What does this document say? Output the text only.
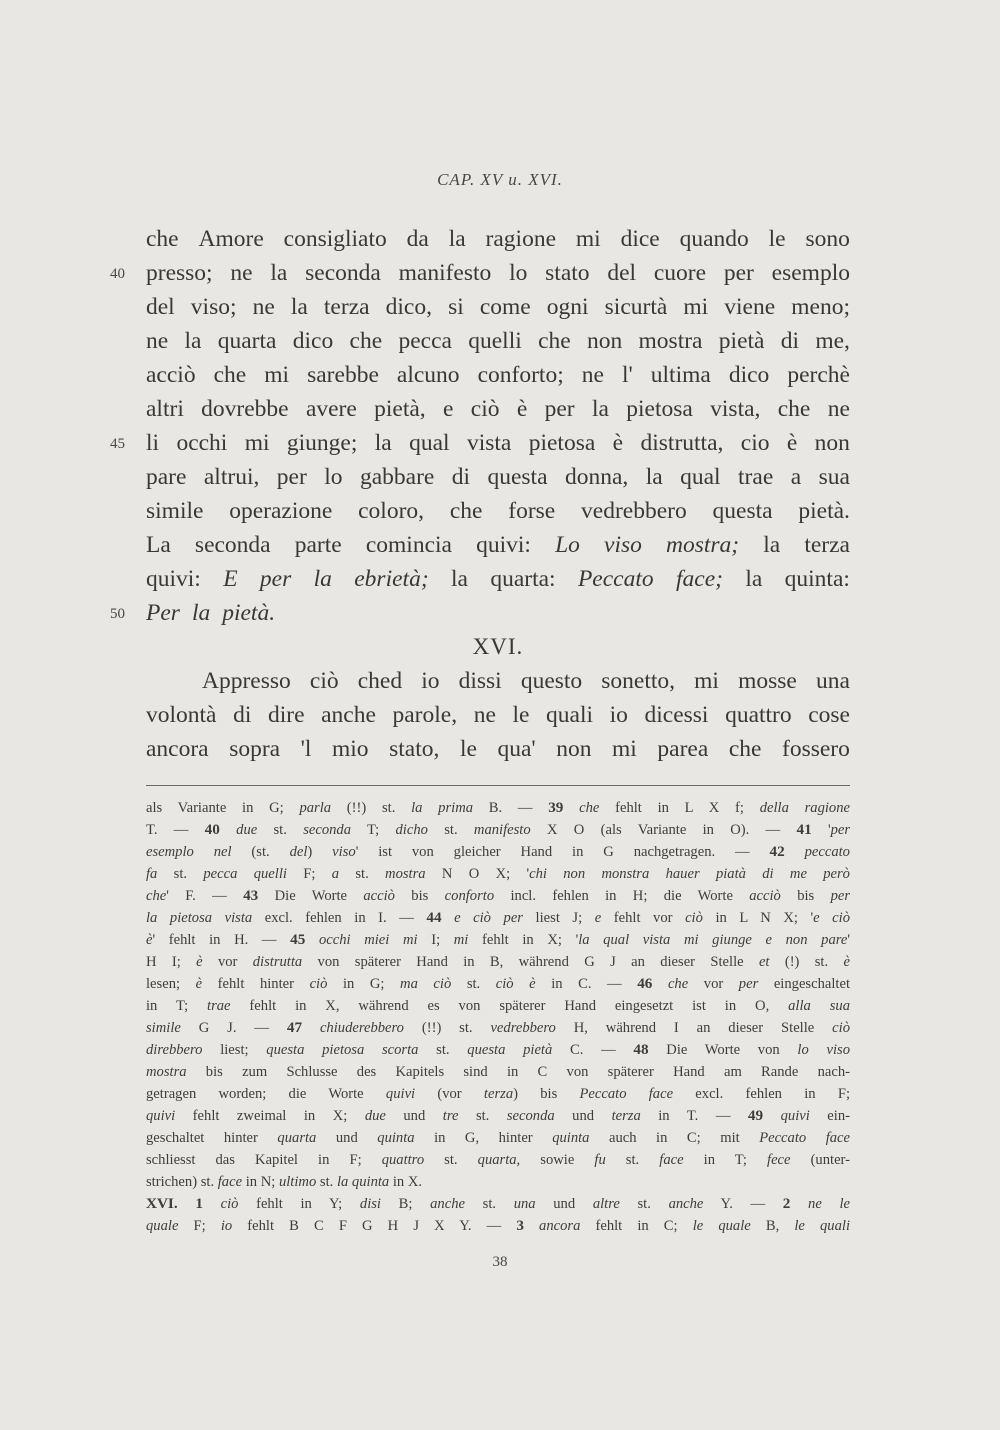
CAP. XV u. XVI.
che Amore consigliato da la ragione mi dice quando le sono
40 presso; ne la seconda manifesto lo stato del cuore per esemplo
del viso; ne la terza dico, si come ogni sicurtà mi viene meno;
ne la quarta dico che pecca quelli che non mostra pietà di me,
acciò che mi sarebbe alcuno conforto; ne l' ultima dico perchè
altri dovrebbe avere pietà, e ciò è per la pietosa vista, che ne
45 li occhi mi giunge; la qual vista pietosa è distrutta, cio è non
pare altrui, per lo gabbare di questa donna, la qual trae a sua
simile operazione coloro, che forse vedrebbero questa pietà.
La seconda parte comincia quivi: Lo viso mostra; la terza
quivi: E per la ebrietà; la quarta: Peccato face; la quinta:
50 Per la pietà.
XVI.
Appresso ciò ched io dissi questo sonetto, mi mosse una
volontà di dire anche parole, ne le quali io dicessi quattro cose
ancora sopra 'l mio stato, le qua' non mi parea che fossero
als Variante in G; parla (!!) st. la prima B. — 39 che fehlt in L X f; della ragione
T. — 40 due st. seconda T; dicho st. manifesto X O (als Variante in O). — 41 'per
esemplo nel (st. del) viso' ist von gleicher Hand in G nachgetragen. — 42 peccato
fa st. pecca quelli F; a st. mostra N O X; 'chi non monstra hauer piatà di me però
che' F. — 43 Die Worte acciò bis conforto incl. fehlen in H; die Worte acciò bis per
la pietosa vista excl. fehlen in I. — 44 e ciò per liest J; e fehlt vor ciò in L N X; 'e ciò
è' fehlt in H. — 45 occhi miei mi I; mi fehlt in X; 'la qual vista mi giunge e non pare'
H I; è vor distrutta von späterer Hand in B, während G J an dieser Stelle et (!) st. è
lesen; è fehlt hinter ciò in G; ma ciò st. ciò è in C. — 46 che vor per eingeschaltet
in T; trae fehlt in X, während es von späterer Hand eingesetzt ist in O, alla sua
simile G J. — 47 chiuderebbero (!!) st. vedrebbero H, während I an dieser Stelle ciò
direbbero liest; questa pietosa scorta st. questa pietà C. — 48 Die Worte von lo viso
mostra bis zum Schlusse des Kapitels sind in C von späterer Hand am Rande nach-
getragen worden; die Worte quivi (vor terza) bis Peccato face excl. fehlen in F;
quivi fehlt zweimal in X; due und tre st. seconda und terza in T. — 49 quivi ein-
geschaltet hinter quarta und quinta in G, hinter quinta auch in C; mit Peccato face
schliesst das Kapitel in F; quattro st. quarta, sowie fu st. face in T; fece (unter-
strichen) st. face in N; ultimo st. la quinta in X.
XVI. 1 ciò fehlt in Y; disi B; anche st. una und altre st. anche Y. — 2 ne le
quale F; io fehlt B C F G H J X Y. — 3 ancora fehlt in C; le quale B, le quali
38
